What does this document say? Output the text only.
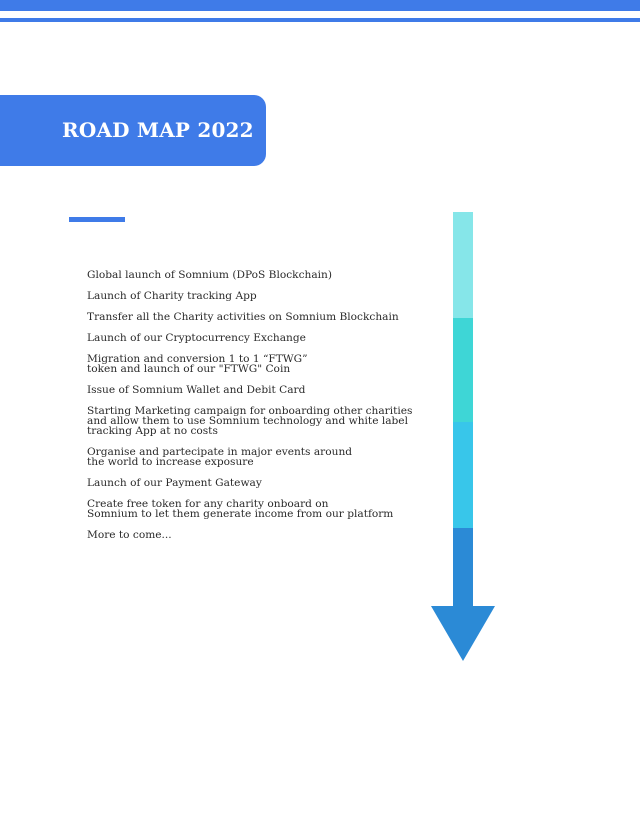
ROAD MAP 2022
Global launch of Somnium (DPoS Blockchain)
Launch of Charity tracking App
Transfer all the Charity activities on Somnium Blockchain
Launch of our Cryptocurrency Exchange
Migration and conversion 1 to 1 “FTWG”
token and launch of our "FTWG" Coin
Issue of Somnium Wallet and Debit Card
Starting Marketing campaign for onboarding other charities
and allow them to use Somnium technology and white label
tracking App at no costs
Organise and partecipate in major events around
the world to increase exposure
Launch of our Payment Gateway
Create free token for any charity onboard on
Somnium to let them generate income from our platform
More to come...
